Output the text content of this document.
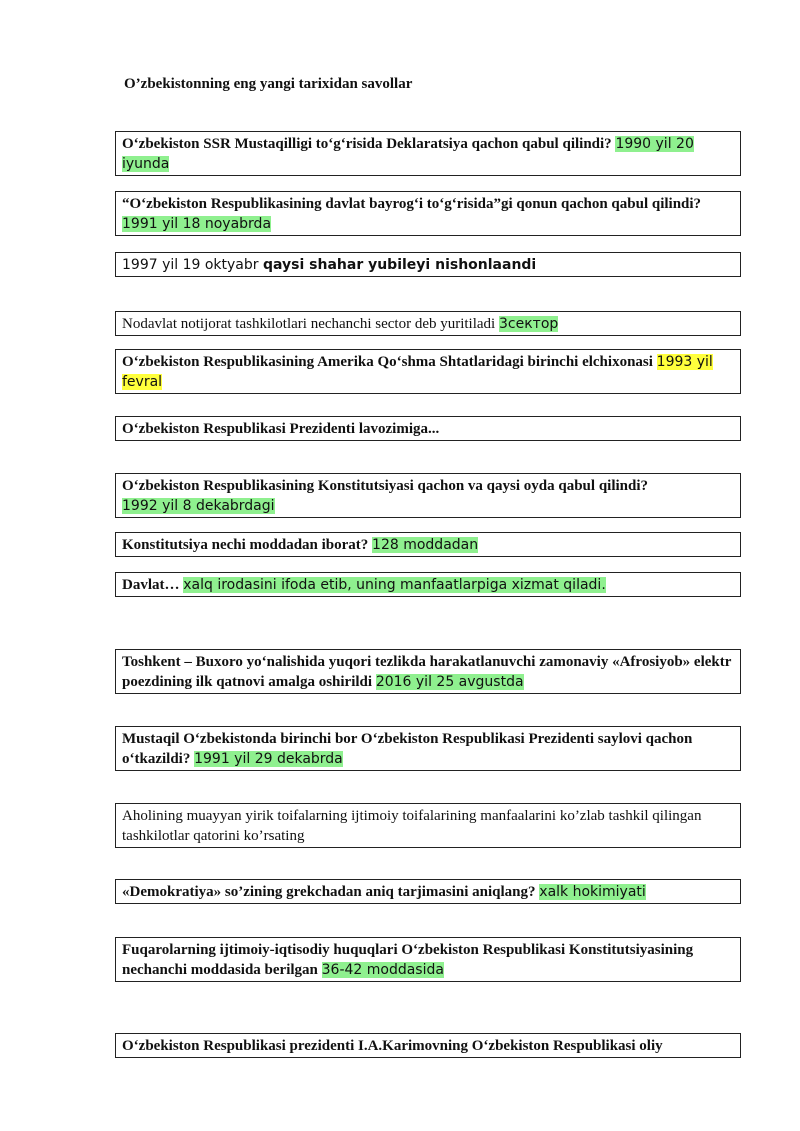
O’zbekistonning eng yangi tarixidan savollar
O‘zbekiston SSR Mustaqilligi to‘g‘risida Deklaratsiya qachon qabul qilindi? 1990 yil 20 iyunda
“O‘zbekiston Respublikasining davlat bayrog‘i to‘g‘risida”gi qonun qachon qabul qilindi? 1991 yil 18 noyabrda
1997 yil 19 oktyabr qaysi shahar yubileyi nishonlaandi
Nodavlat notijorat tashkilotlari nechanchi sector deb yuritiladi 3сектор
O‘zbekiston Respublikasining Amerika Qo‘shma Shtatlaridagi birinchi elchixonasi 1993 yil fevral
O‘zbekiston Respublikasi Prezidenti lavozimiga...
O‘zbekiston Respublikasining Konstitutsiyasi qachon va qaysi oyda qabul qilindi?
1992 yil 8 dekabrdagi
Konstitutsiya nechi moddadan iborat? 128 moddadan
Davlat… xalq irodasini ifoda etib, uning manfaatlarpiga xizmat qiladi.
Toshkent – Buxoro yo‘nalishida yuqori tezlikda harakatlanuvchi zamonaviy «Afrosiyob» elektr poezdining ilk qatnovi amalga oshirildi 2016 yil 25 avgustda
Mustaqil O‘zbekistonda birinchi bor O‘zbekiston Respublikasi Prezidenti saylovi qachon o‘tkazildi? 1991 yil 29 dekabrda
Aholining muayyan yirik toifalarning ijtimoiy toifalarining manfaalarini ko’zlab tashkil qilingan tashkilotlar qatorini ko’rsating
«Demokratiya» so’zining grekchadan aniq tarjimasini aniqlang? xalk hokimiyati
Fuqarolarning ijtimoiy-iqtisodiy huquqlari O‘zbekiston Respublikasi Konstitutsiyasining nechanchi moddasida berilgan 36-42 moddasida
O‘zbekiston Respublikasi prezidenti I.A.Karimovning O‘zbekiston Respublikasi oliy
